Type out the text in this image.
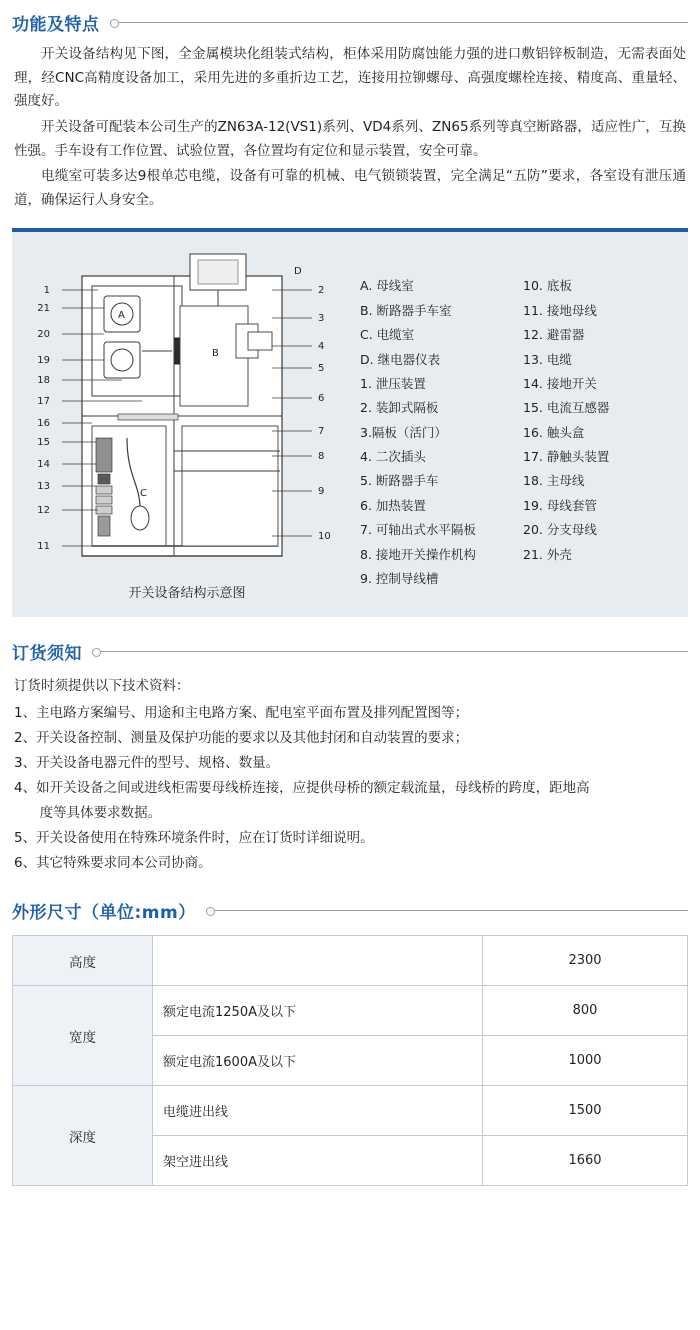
功能及特点

开关设备结构见下图，全金属模块化组装式结构，柜体采用防腐蚀能力强的进口敷铝锌板制造，无需表面处理，经CNC高精度设备加工，采用先进的多重折边工艺，连接用拉铆螺母、高强度螺栓连接、精度高、重量轻、强度好。

开关设备可配装本公司生产的ZN63A-12(VS1)系列、VD4系列、ZN65系列等真空断路器，适应性广，互换性强。手车设有工作位置、试验位置，各位置均有定位和显示装置，安全可靠。

电缆室可装多达9根单芯电缆，设备有可靠的机械、电气锁锁装置，完全满足“五防”要求，各室设有泄压通道，确保运行人身安全。

1
21
20
19
18
17
16
15
14
13
12
11
2
3
4
5
6
7
8
9
10
A
B
C
D
开关设备结构示意图
A. 母线室
B. 断路器手车室
C. 电缆室
D. 继电器仪表
1. 泄压装置
2. 装卸式隔板
3.隔板（活门）
4. 二次插头
5. 断路器手车
6. 加热装置
7. 可轴出式水平隔板
8. 接地开关操作机构
9. 控制导线槽
10. 底板
11. 接地母线
12. 避雷器
13. 电缆
14. 接地开关
15. 电流互感器
16. 触头盒
17. 静触头装置
18. 主母线
19. 母线套管
20. 分支母线
21. 外壳
订货须知
订货时须提供以下技术资料：
1、主电路方案编号、用途和主电路方案、配电室平面布置及排列配置图等；
2、开关设备控制、测量及保护功能的要求以及其他封闭和自动装置的要求；
3、开关设备电器元件的型号、规格、数量。
4、如开关设备之间或进线柜需要母线桥连接，应提供母桥的额定载流量，母线桥的跨度，距地高
度等具体要求数据。
5、开关设备使用在特殊环境条件时，应在订货时详细说明。
6、其它特殊要求同本公司协商。
外形尺寸（单位:mm）
高度		2300
宽度	额定电流1250A及以下	800
	额定电流1600A及以下	1000
深度	电缆进出线	1500
	架空进出线	1660
